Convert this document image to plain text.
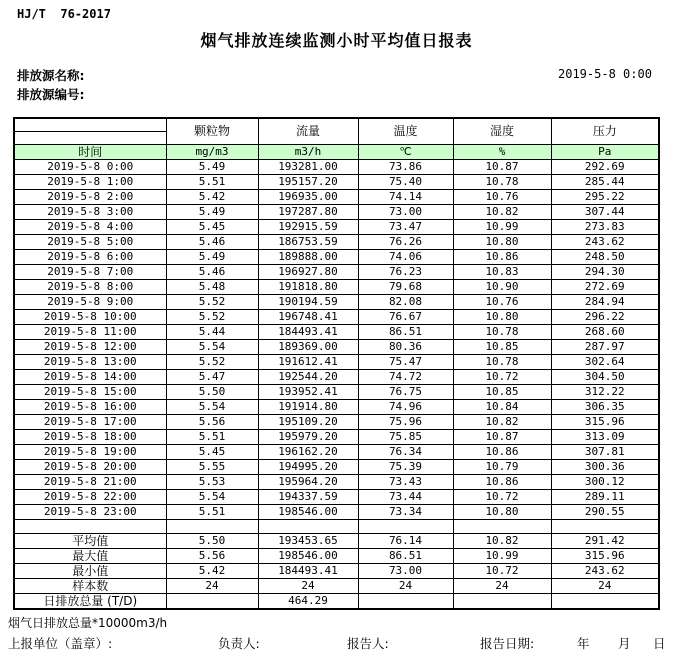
HJ/T  76-2017
烟气排放连续监测小时平均值日报表
排放源名称:
排放源编号:
2019-5-8 0:00
	颗粒物	流量	温度	湿度	压力

时间	mg/m3	m3/h	℃	%	Pa
2019-5-8 0:00	5.49	193281.00	73.86	10.87	292.69
2019-5-8 1:00	5.51	195157.20	75.40	10.78	285.44
2019-5-8 2:00	5.42	196935.00	74.14	10.76	295.22
2019-5-8 3:00	5.49	197287.80	73.00	10.82	307.44
2019-5-8 4:00	5.45	192915.59	73.47	10.99	273.83
2019-5-8 5:00	5.46	186753.59	76.26	10.80	243.62
2019-5-8 6:00	5.49	189888.00	74.06	10.86	248.50
2019-5-8 7:00	5.46	196927.80	76.23	10.83	294.30
2019-5-8 8:00	5.48	191818.80	79.68	10.90	272.69
2019-5-8 9:00	5.52	190194.59	82.08	10.76	284.94
2019-5-8 10:00	5.52	196748.41	76.67	10.80	296.22
2019-5-8 11:00	5.44	184493.41	86.51	10.78	268.60
2019-5-8 12:00	5.54	189369.00	80.36	10.85	287.97
2019-5-8 13:00	5.52	191612.41	75.47	10.78	302.64
2019-5-8 14:00	5.47	192544.20	74.72	10.72	304.50
2019-5-8 15:00	5.50	193952.41	76.75	10.85	312.22
2019-5-8 16:00	5.54	191914.80	74.96	10.84	306.35
2019-5-8 17:00	5.56	195109.20	75.96	10.82	315.96
2019-5-8 18:00	5.51	195979.20	75.85	10.87	313.09
2019-5-8 19:00	5.45	196162.20	76.34	10.86	307.81
2019-5-8 20:00	5.55	194995.20	75.39	10.79	300.36
2019-5-8 21:00	5.53	195964.20	73.43	10.86	300.12
2019-5-8 22:00	5.54	194337.59	73.44	10.72	289.11
2019-5-8 23:00	5.51	198546.00	73.34	10.80	290.55

平均值	5.50	193453.65	76.14	10.82	291.42
最大值	5.56	198546.00	86.51	10.99	315.96
最小值	5.42	184493.41	73.00	10.72	243.62
样本数	24	24	24	24	24
日排放总量 (T/D)		464.29			
烟气日排放总量*10000m3/h
上报单位（盖章）:	负责人:	报告人:	报告日期:	年 月 日
